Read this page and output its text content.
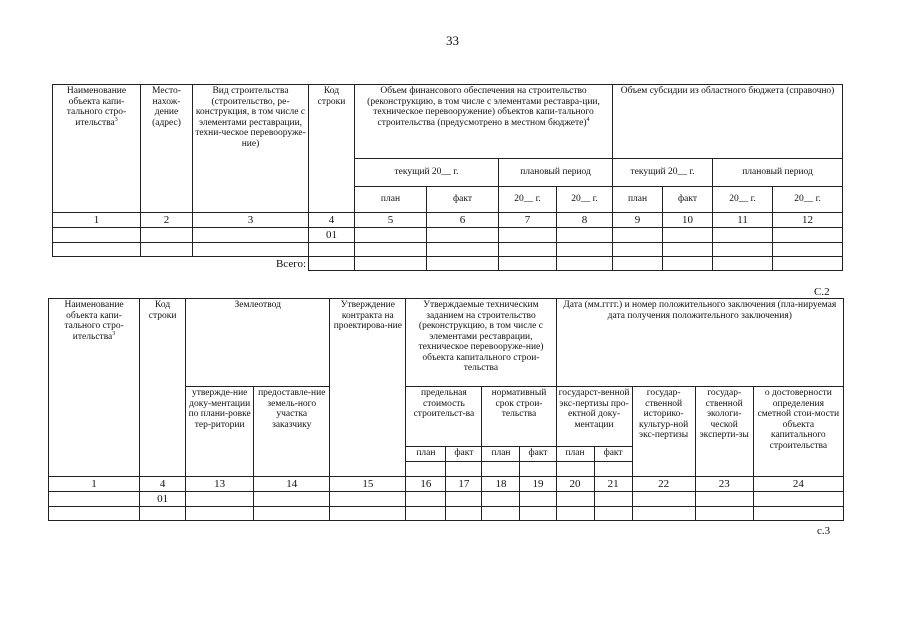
33
Наименование объекта капи-тального стро-ительства$^3$	Место-нахож-дение (адрес)	Вид строительства (строительство, ре-конструкция, в том числе с элементами реставрации, техни-ческое перевооруже-ние)	Код строки	Объем финансового обеспечения на строительство (реконструкцию, в том числе с элементами реставра-ции, техническое перевооружение) объектов капи-тального строительства (предусмотрено в местном бюджете)$^4$				Объем субсидии из областного бюджета (справочно)			
				текущий 20__ г.		плановый период		текущий 20__ г.		плановый период	
				план	факт	20__ г.	20__ г.	план	факт	20__ г.	20__ г.
1	2	3	4	5	6	7	8	9	10	11	12
			01								

		Всего:									
С.2
Наименование объекта капи-тального стро-ительства$^3$	Код строки	Землеотвод		Утверждение контракта на проектирова-ние	Утверждаемые техническим заданием на строительство (реконструкцию, в том числе с элементами реставрации, техническое перевооруже-ние) объекта капитального строи-тельства				Дата (мм.гггг.) и номер положительного заключения (пла-нируемая дата получения положительного заключения)				
		утвержде-ние доку-ментации по плани-ровке тер-ритории	предоставле-ние земель-ного участка заказчику		предельная стоимость строительст-ва		нормативный срок строи-тельства		государст-венной экс-пертизы про-ектной доку-ментации		государ-ственной историко-культур-ной экс-пертизы	государ-ственной экологи-ческой эксперти-зы	о достоверности определения сметной стои-мости объекта капитального строительства
					план	факт	план	факт	план	факт			

1	4	13	14	15	16	17	18	19	20	21	22	23	24
	01												

с.3
